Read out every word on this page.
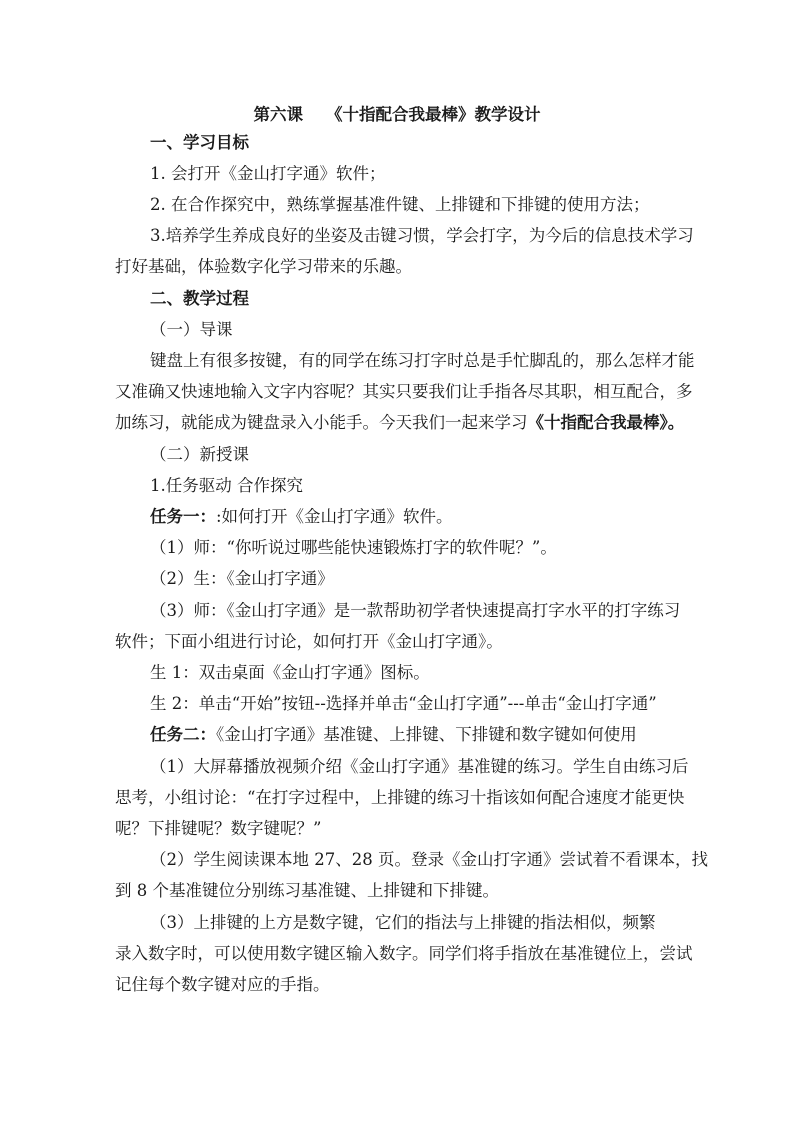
第六课    《十指配合我最棒》教学设计
一、学习目标
1. 会打开《金山打字通》软件；
2. 在合作探究中，熟练掌握基准件键、上排键和下排键的使用方法；
3.培养学生养成良好的坐姿及击键习惯，学会打字，为今后的信息技术学习
打好基础，体验数字化学习带来的乐趣。
二、教学过程
（一）导课
键盘上有很多按键，有的同学在练习打字时总是手忙脚乱的，那么怎样才能
又准确又快速地输入文字内容呢？其实只要我们让手指各尽其职，相互配合，多
加练习，就能成为键盘录入小能手。今天我们一起来学习《十指配合我最棒》。
（二）新授课
1.任务驱动 合作探究
任务一：:如何打开《金山打字通》软件。
（1）师：“你听说过哪些能快速锻炼打字的软件呢？”。
（2）生：《金山打字通》
（3）师：《金山打字通》是一款帮助初学者快速提高打字水平的打字练习
软件；下面小组进行讨论，如何打开《金山打字通》。
生 1：双击桌面《金山打字通》图标。
生 2：单击“开始”按钮--选择并单击“金山打字通”---单击“金山打字通”
任务二：《金山打字通》基准键、上排键、下排键和数字键如何使用
（1）大屏幕播放视频介绍《金山打字通》基准键的练习。学生自由练习后
思考，小组讨论：“在打字过程中，上排键的练习十指该如何配合速度才能更快
呢？下排键呢？数字键呢？”
（2）学生阅读课本地 27、28 页。登录《金山打字通》尝试着不看课本，找
到 8 个基准键位分别练习基准键、上排键和下排键。
（3）上排键的上方是数字键，它们的指法与上排键的指法相似，频繁
录入数字时，可以使用数字键区输入数字。同学们将手指放在基准键位上，尝试
记住每个数字键对应的手指。
